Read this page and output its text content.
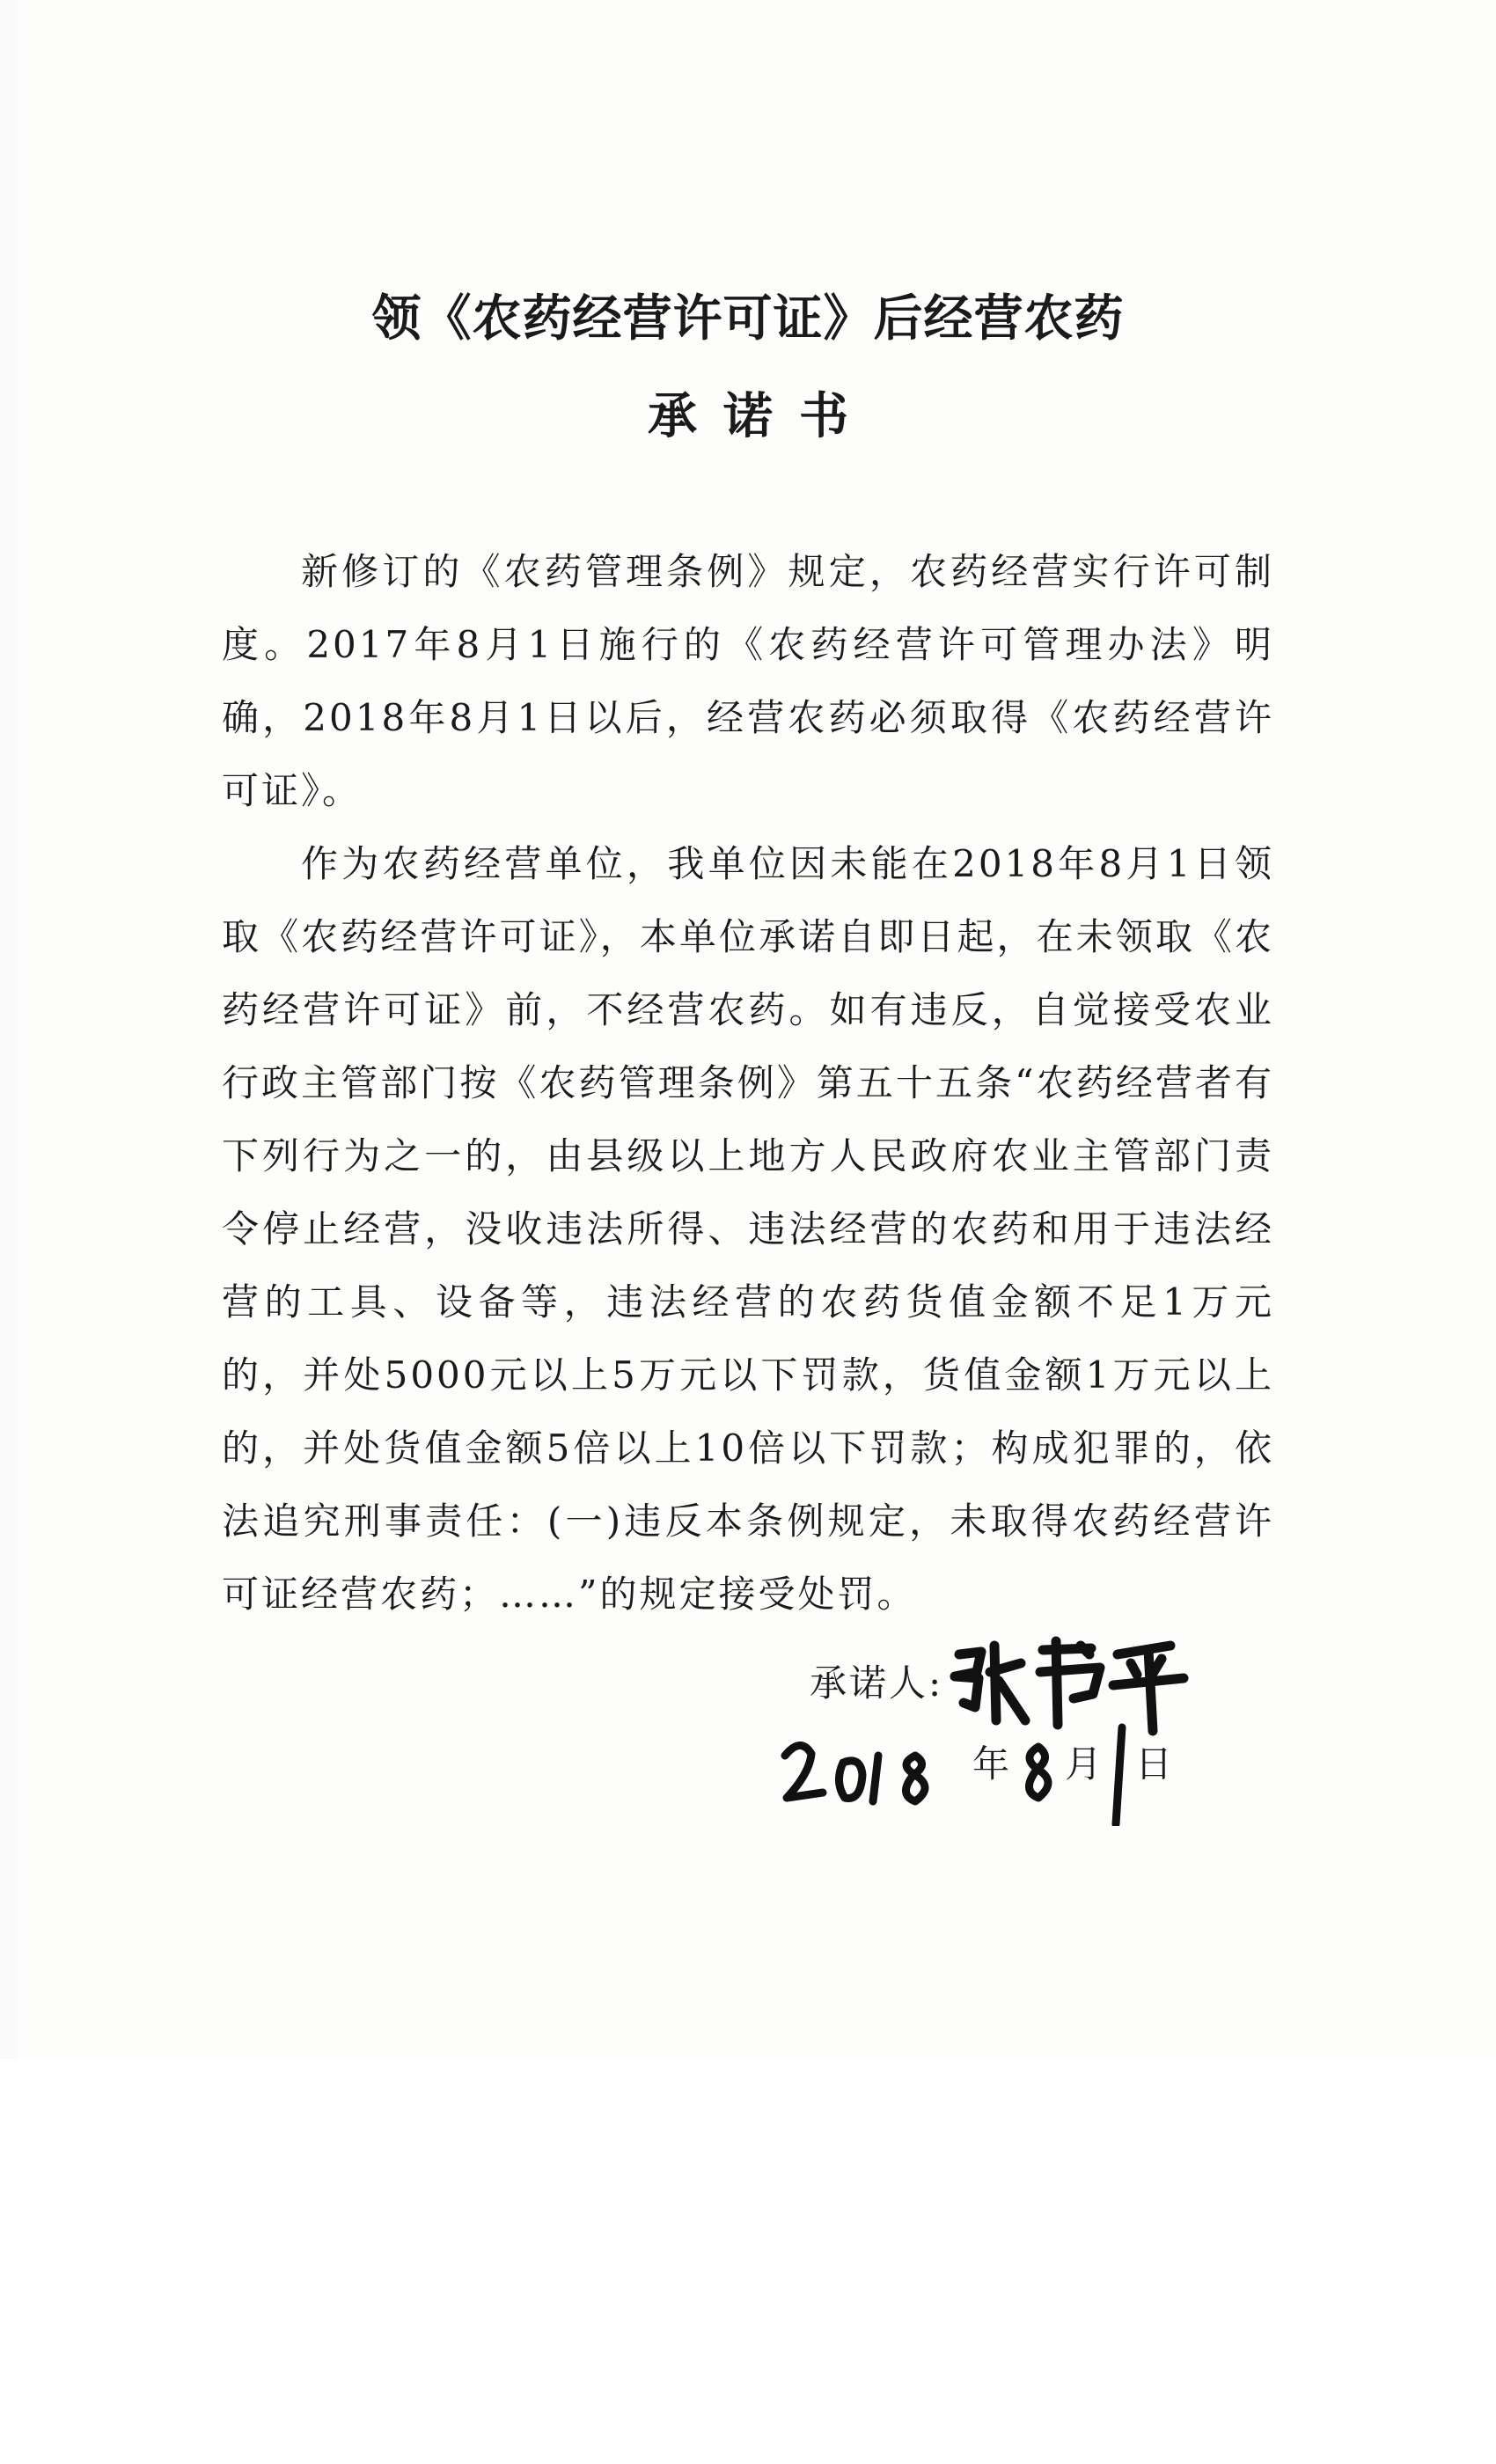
领《农药经营许可证》后经营农药
承诺书

新修订的《农药管理条例》规定，农药经营实行许可制度。2017年8月1日施行的《农药经营许可管理办法》明确，2018年8月1日以后，经营农药必须取得《农药经营许可证》。

作为农药经营单位，我单位因未能在2018年8月1日领取《农药经营许可证》，本单位承诺自即日起，在未领取《农药经营许可证》前，不经营农药。如有违反，自觉接受农业行政主管部门按《农药管理条例》第五十五条“农药经营者有下列行为之一的，由县级以上地方人民政府农业主管部门责令停止经营，没收违法所得、违法经营的农药和用于违法经营的工具、设备等，违法经营的农药货值金额不足1万元的，并处5000元以上5万元以下罚款，货值金额1万元以上的，并处货值金额5倍以上10倍以下罚款；构成犯罪的，依法追究刑事责任：(一)违反本条例规定，未取得农药经营许可证经营农药；……”的规定接受处罚。

承诺人:
年 月 日
